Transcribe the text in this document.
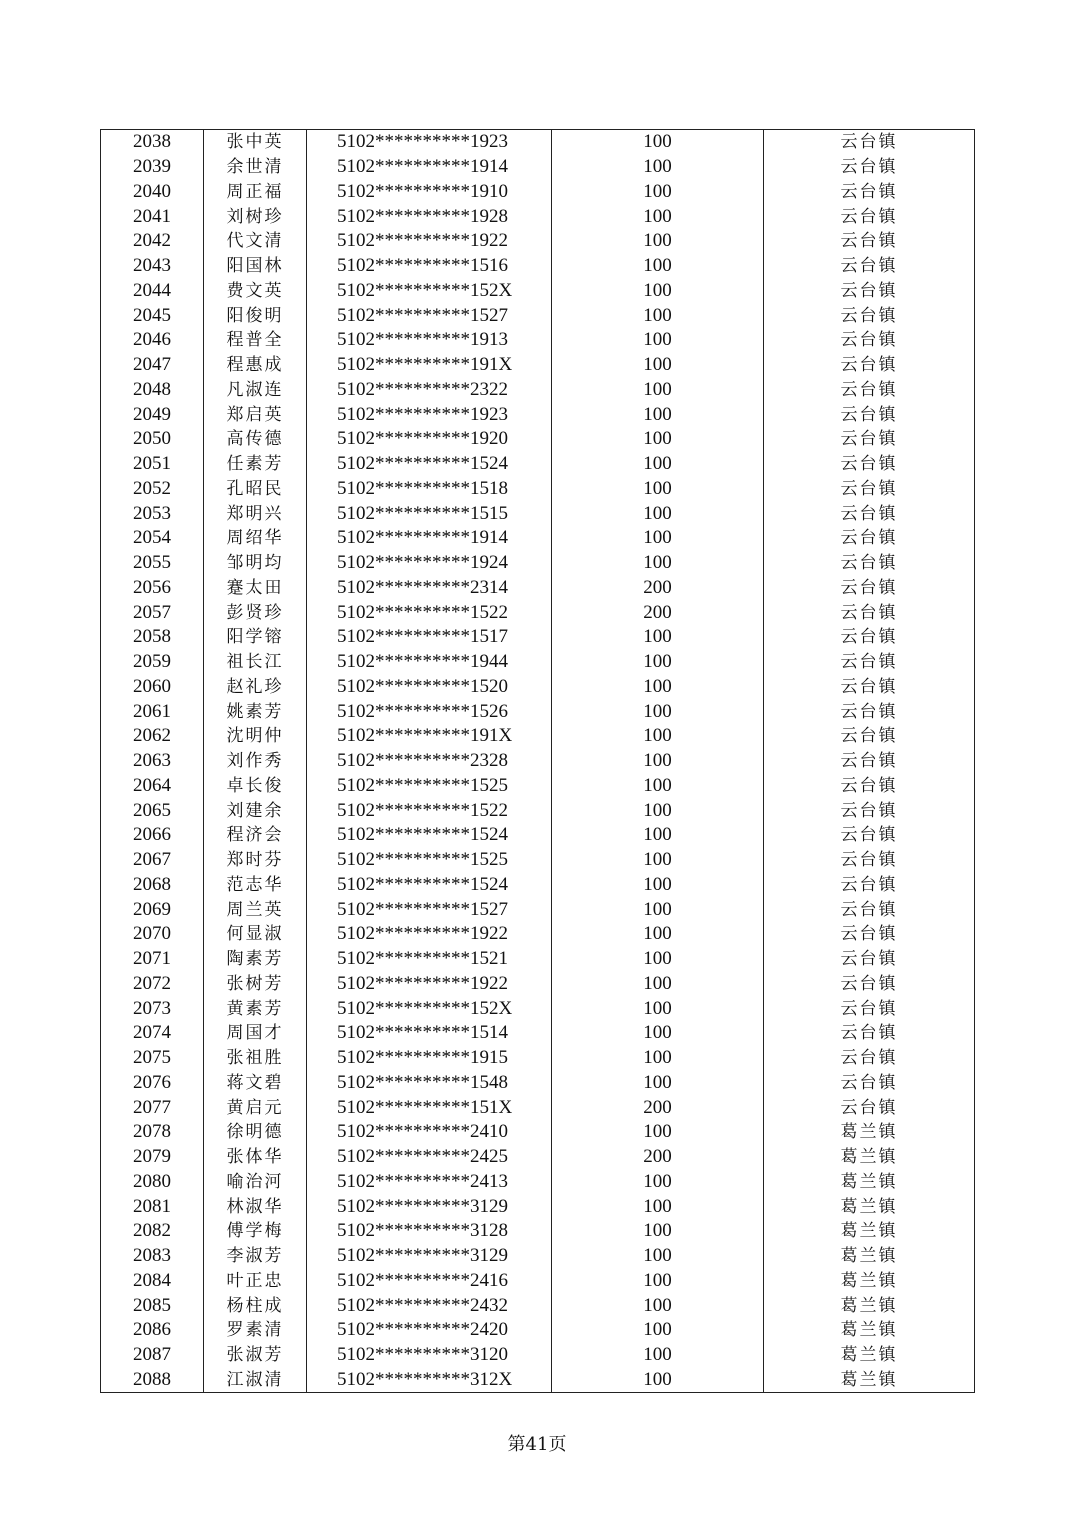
2038	张中英	5102**********1923	100	云台镇
2039	余世清	5102**********1914	100	云台镇
2040	周正福	5102**********1910	100	云台镇
2041	刘树珍	5102**********1928	100	云台镇
2042	代文清	5102**********1922	100	云台镇
2043	阳国林	5102**********1516	100	云台镇
2044	费文英	5102**********152X	100	云台镇
2045	阳俊明	5102**********1527	100	云台镇
2046	程普全	5102**********1913	100	云台镇
2047	程惠成	5102**********191X	100	云台镇
2048	凡淑连	5102**********2322	100	云台镇
2049	郑启英	5102**********1923	100	云台镇
2050	高传德	5102**********1920	100	云台镇
2051	任素芳	5102**********1524	100	云台镇
2052	孔昭民	5102**********1518	100	云台镇
2053	郑明兴	5102**********1515	100	云台镇
2054	周绍华	5102**********1914	100	云台镇
2055	邹明均	5102**********1924	100	云台镇
2056	蹇太田	5102**********2314	200	云台镇
2057	彭贤珍	5102**********1522	200	云台镇
2058	阳学镕	5102**********1517	100	云台镇
2059	祖长江	5102**********1944	100	云台镇
2060	赵礼珍	5102**********1520	100	云台镇
2061	姚素芳	5102**********1526	100	云台镇
2062	沈明仲	5102**********191X	100	云台镇
2063	刘作秀	5102**********2328	100	云台镇
2064	卓长俊	5102**********1525	100	云台镇
2065	刘建余	5102**********1522	100	云台镇
2066	程济会	5102**********1524	100	云台镇
2067	郑时芬	5102**********1525	100	云台镇
2068	范志华	5102**********1524	100	云台镇
2069	周兰英	5102**********1527	100	云台镇
2070	何显淑	5102**********1922	100	云台镇
2071	陶素芳	5102**********1521	100	云台镇
2072	张树芳	5102**********1922	100	云台镇
2073	黄素芳	5102**********152X	100	云台镇
2074	周国才	5102**********1514	100	云台镇
2075	张祖胜	5102**********1915	100	云台镇
2076	蒋文碧	5102**********1548	100	云台镇
2077	黄启元	5102**********151X	200	云台镇
2078	徐明德	5102**********2410	100	葛兰镇
2079	张体华	5102**********2425	200	葛兰镇
2080	喻治河	5102**********2413	100	葛兰镇
2081	林淑华	5102**********3129	100	葛兰镇
2082	傅学梅	5102**********3128	100	葛兰镇
2083	李淑芳	5102**********3129	100	葛兰镇
2084	叶正忠	5102**********2416	100	葛兰镇
2085	杨柱成	5102**********2432	100	葛兰镇
2086	罗素清	5102**********2420	100	葛兰镇
2087	张淑芳	5102**********3120	100	葛兰镇
2088	江淑清	5102**********312X	100	葛兰镇
第41页
